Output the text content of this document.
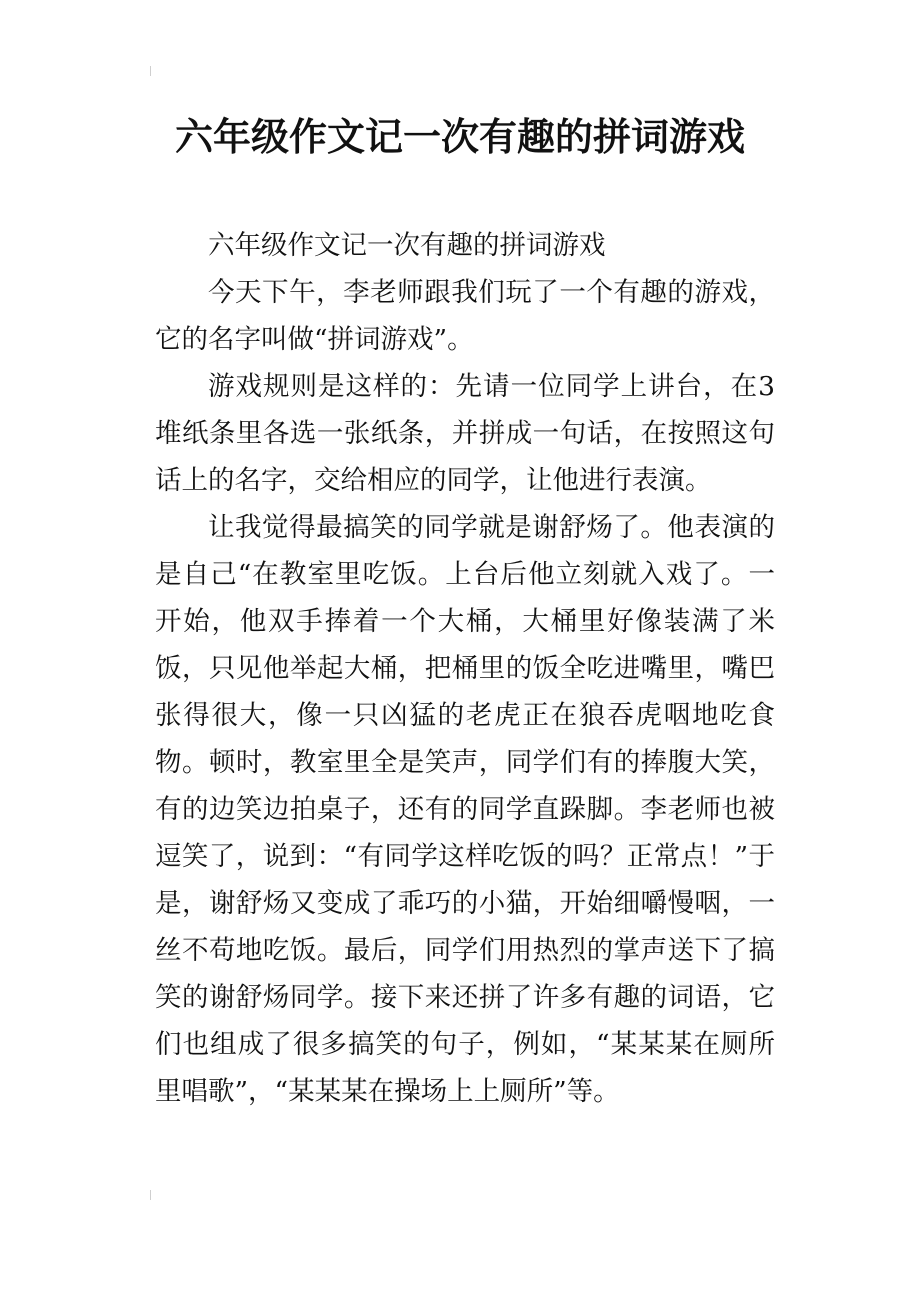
六年级作文记一次有趣的拼词游戏

六年级作文记一次有趣的拼词游戏

今天下午，李老师跟我们玩了一个有趣的游戏，它的名字叫做“拼词游戏”。

游戏规则是这样的：先请一位同学上讲台，在3堆纸条里各选一张纸条，并拼成一句话，在按照这句话上的名字，交给相应的同学，让他进行表演。

让我觉得最搞笑的同学就是谢舒炀了。他表演的是自己“在教室里吃饭。上台后他立刻就入戏了。一开始，他双手捧着一个大桶，大桶里好像装满了米饭，只见他举起大桶，把桶里的饭全吃进嘴里，嘴巴张得很大，像一只凶猛的老虎正在狼吞虎咽地吃食物。顿时，教室里全是笑声，同学们有的捧腹大笑，有的边笑边拍桌子，还有的同学直跺脚。李老师也被逗笑了，说到：“有同学这样吃饭的吗？正常点！”于是，谢舒炀又变成了乖巧的小猫，开始细嚼慢咽，一丝不苟地吃饭。最后，同学们用热烈的掌声送下了搞笑的谢舒炀同学。接下来还拼了许多有趣的词语，它们也组成了很多搞笑的句子，例如，“某某某在厕所里唱歌”，“某某某在操场上上厕所”等。
